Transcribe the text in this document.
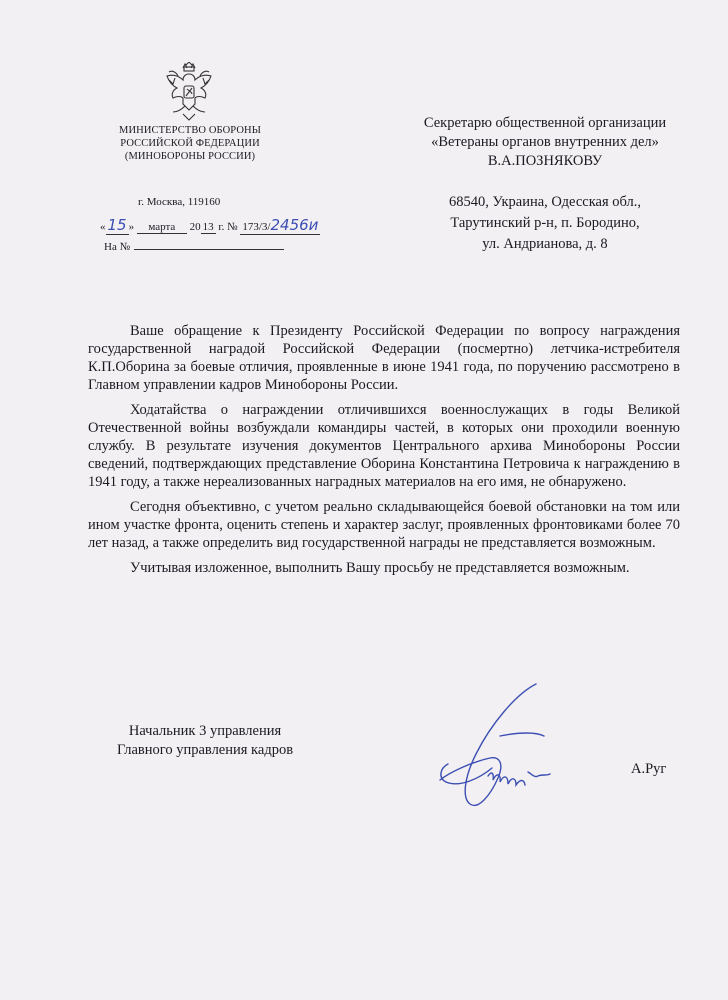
МИНИСТЕРСТВО ОБОРОНЫ
РОССИЙСКОЙ ФЕДЕРАЦИИ
(МИНОБОРОНЫ РОССИИ)
г. Москва, 119160
« 15 » марта 20 13 г. № 173/3/2456и
На №
Секретарю общественной организации
«Ветераны органов внутренних дел»
В.А.ПОЗНЯКОВУ
68540, Украина, Одесская обл.,
Тарутинский р-н, п. Бородино,
ул. Андрианова, д. 8

Ваше обращение к Президенту Российской Федерации по вопросу награждения государственной наградой Российской Федерации (посмертно) летчика-истребителя К.П.Оборина за боевые отличия, проявленные в июне 1941 года, по поручению рассмотрено в Главном управлении кадров Минобороны России.

Ходатайства о награждении отличившихся военнослужащих в годы Великой Отечественной войны возбуждали командиры частей, в которых они проходили военную службу. В результате изучения документов Центрального архива Минобороны России сведений, подтверждающих представление Оборина Константина Петровича к награждению в 1941 году, а также нереализованных наградных материалов на его имя, не обнаружено.

Сегодня объективно, с учетом реально складывающейся боевой обстановки на том или ином участке фронта, оценить степень и характер заслуг, проявленных фронтовиками более 70 лет назад, а также определить вид государственной награды не представляется возможным.

Учитывая изложенное, выполнить Вашу просьбу не представляется возможным.

Начальник 3 управления
Главного управления кадров
А.Руг
